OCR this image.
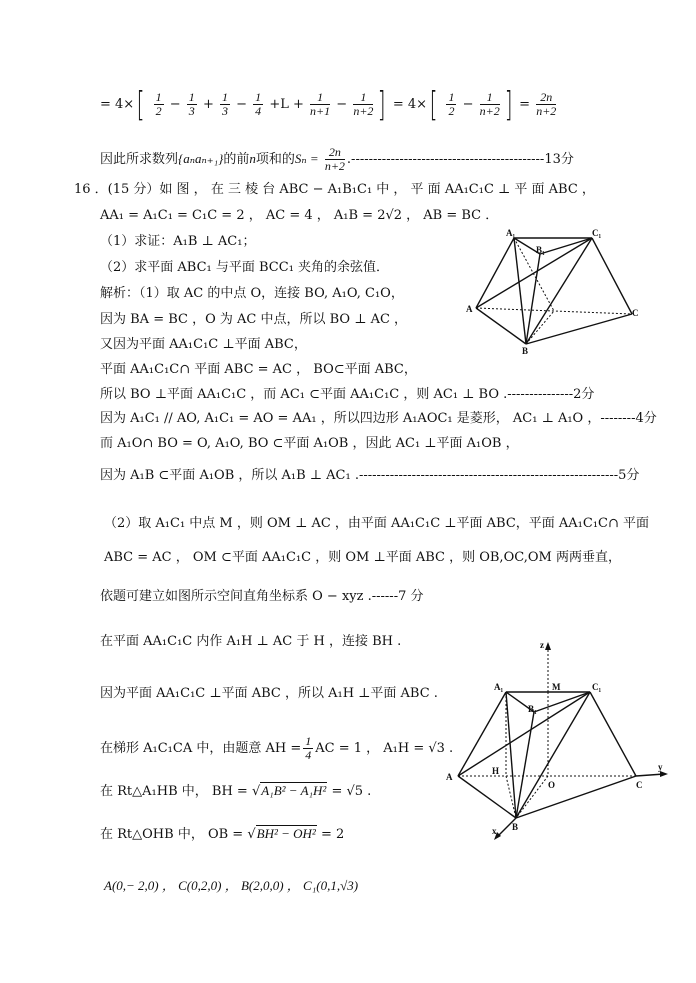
= $4\times[ \frac{1}{2} - \frac{1}{3} + \frac{1}{3} - \frac{1}{4} +L + \frac{1}{n+1} - \frac{1}{n+2}$ ] = $4\times[ \frac{1}{2} - \frac{1}{n+2}$ ] = $\frac{2n}{n+2}$
因此所求数列{aₙaₙ₊₁}的前n项和的$S_n = \frac{2n}{n+2} .--------------------------------------------13$分
16 ．(15 分）如 图 ， 在 三 棱 台 ABC − A₁B₁C₁ 中 ， 平 面 AA₁C₁C ⊥ 平 面 ABC ，
AA₁ = A₁C₁ = C₁C = 2 ， AC = 4 ， A₁B = 2√2 ， AB = BC ．
（1）求证：A₁B ⊥ AC₁；
（2）求平面 ABC₁ 与平面 BCC₁ 夹角的余弦值．
解析：（1）取 AC 的中点 O，连接 BO, A₁O, C₁O，
因为 BA = BC ，O 为 AC 中点，所以 BO ⊥ AC ，
又因为平面 AA₁C₁C ⊥平面 ABC，
平面 AA₁C₁C∩ 平面 ABC = AC ， BO⊂平面 ABC，
所以 BO ⊥平面 AA₁C₁C ，而 AC₁ ⊂平面 AA₁C₁C ，则 AC₁ ⊥ BO .---------------2分
因为 A₁C₁ // AO, A₁C₁ = AO = AA₁ ，所以四边形 A₁AOC₁ 是菱形， AC₁ ⊥ A₁O ，--------4分
而 A₁O∩ BO = O, A₁O, BO ⊂平面 A₁OB ，因此 AC₁ ⊥平面 A₁OB ，
因为 A₁B ⊂平面 A₁OB ，所以 A₁B ⊥ AC₁ .-----------------------------------------------------------5分
（2）取 A₁C₁ 中点 M ，则 OM ⊥ AC ，由平面 AA₁C₁C ⊥平面 ABC，平面 AA₁C₁C∩ 平面
ABC = AC ， OM ⊂平面 AA₁C₁C ，则 OM ⊥平面 ABC ，则 OB,OC,OM 两两垂直，
依题可建立如图所示空间直角坐标系 O − xyz .------7 分
在平面 AA₁C₁C 内作 A₁H ⊥ AC 于 H ，连接 BH .
因为平面 AA₁C₁C ⊥平面 ABC ，所以 A₁H ⊥平面 ABC .
在梯形 A₁C₁CA 中，由题意 AH = $\frac{1}{4}$ AC = 1 ， A₁H = √3 .
在 Rt△A₁HB 中， BH = √A₁B² − A₁H² = √5 .
在 Rt△OHB 中， OB = √BH² − OH² = 2
A(0,− 2,0) ， C(0,2,0) ， B(2,0,0) ， C₁(0,1,√3)
A₁
B₁
C₁
A
B
C
z
A₁	M	C₁
B₁
A
H
O	C
y
x B
